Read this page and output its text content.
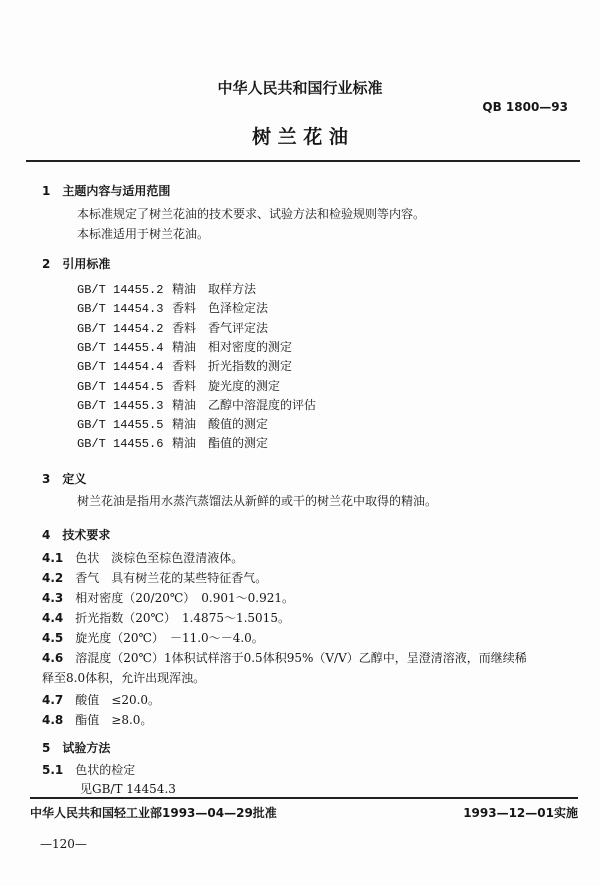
中华人民共和国行业标准
QB 1800—93
树 兰 花 油
1　 主题内容与适用范围
本标准规定了树兰花油的技术要求、试验方法和检验规则等内容。
本标准适用于树兰花油。
2　 引用标准
GB/T 14455.2 精油 取样方法
GB/T 14454.3 香料 色泽检定法
GB/T 14454.2 香料 香气评定法
GB/T 14455.4 精油 相对密度的测定
GB/T 14454.4 香料 折光指数的测定
GB/T 14454.5 香料 旋光度的测定
GB/T 14455.3 精油 乙醇中溶混度的评估
GB/T 14455.5 精油 酸值的测定
GB/T 14455.6 精油 酯值的测定
3　 定义
树兰花油是指用水蒸汽蒸馏法从新鲜的或干的树兰花中取得的精油。
4　 技术要求
4.1　 色状　淡棕色至棕色澄清液体。
4.2　 香气　具有树兰花的某些特征香气。
4.3　 相对密度（20/20℃）　0.901～0.921。
4.4　 折光指数（20℃）　1.4875～1.5015。
4.5　 旋光度（20℃）　－11.0～－4.0。
4.6　 溶混度（20℃）1体积试样溶于0.5体积95%（V/V）乙醇中，呈澄清溶液，而继续稀
释至8.0体积，允许出现浑浊。
4.7　 酸值　≤20.0。
4.8　 酯值　≥8.0。
5　 试验方法
5.1　 色状的检定
见GB/T 14454.3
中华人民共和国轻工业部1993—04—29批准	1993—12—01实施
—120—
